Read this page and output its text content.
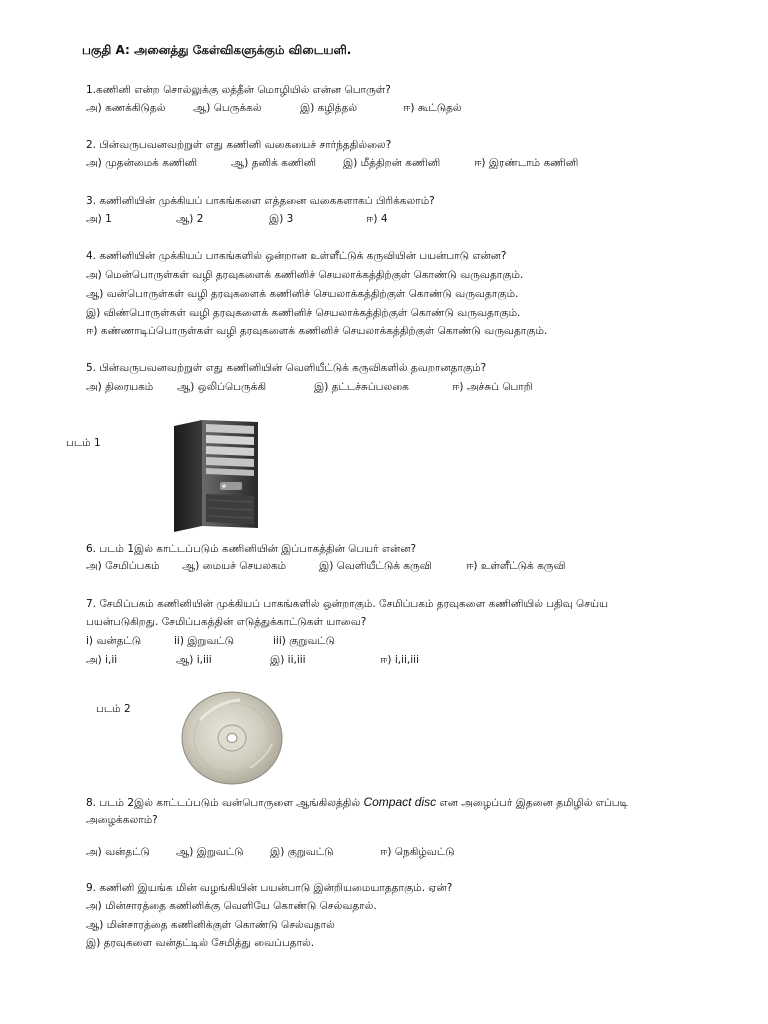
பகுதி A: அனைத்து கேள்விகளுக்கும் விடையளி.
1.கணினி என்ற சொல்லுக்கு லத்தீன் மொழியில் என்ன பொருள்?
அ) கணக்கிடுதல்	ஆ) பெருக்கல்	இ) கழித்தல்	ஈ) கூட்டுதல்
2. பின்வருபவனவற்றுள் எது கணினி வகையைச் சார்ந்ததில்லை?
அ) முதன்மைக் கணினி	ஆ) தனிக் கணினி	இ) மீத்திறன் கணினி	ஈ) இரண்டாம் கணினி
3. கணினியின் முக்கியப் பாகங்களை எத்தனை வகைகளாகப் பிரிக்கலாம்?
அ) 1	ஆ) 2	இ) 3	ஈ) 4
4. கணினியின் முக்கியப் பாகங்களில் ஒன்றான உள்ளீட்டுக் கருவியின் பயன்பாடு என்ன?
அ) மென்பொருள்கள் வழி தரவுகளைக் கணினிச் செயலாக்கத்திற்குள் கொண்டு வருவதாகும்.
ஆ) வன்பொருள்கள் வழி தரவுகளைக் கணினிச் செயலாக்கத்திற்குள் கொண்டு வருவதாகும்.
இ) விண்பொருள்கள் வழி தரவுகளைக் கணினிச் செயலாக்கத்திற்குள் கொண்டு வருவதாகும்.
ஈ) கண்ணாடிப்பொருள்கள் வழி தரவுகளைக் கணினிச் செயலாக்கத்திற்குள் கொண்டு வருவதாகும்.
5. பின்வருபவனவற்றுள் எது கணினியின் வெளியீட்டுக் கருவிகளில் தவறானதாகும்?
அ) திரையகம் ஆ) ஒலிப்பெருக்கி	இ) தட்டச்சுப்பலகை	ஈ) அச்சுப் பொறி
படம் 1
6. படம் 1இல் காட்டப்படும் கணினியின் இப்பாகத்தின் பெயர் என்ன?
அ) சேமிப்பகம் ஆ) மையச் செயலகம்	இ) வெளியீட்டுக் கருவி	ஈ) உள்ளீட்டுக் கருவி
7. சேமிப்பகம் கணினியின் முக்கியப் பாகங்களில் ஒன்றாகும். சேமிப்பகம் தரவுகளை கணினியில் பதிவு செய்ய
பயன்படுகிறது. சேமிப்பகத்தின் எடுத்துக்காட்டுகள் யாவை?
i) வன்தட்டு	ii) இறுவட்டு	iii) குறுவட்டு
அ) i,ii	ஆ) i,iii	இ) ii,iii	ஈ) i,ii,iii
படம் 2
8. படம் 2இல் காட்டப்படும் வன்பொருளை ஆங்கிலத்தில் Compact disc என அழைப்பர் இதனை தமிழில் எப்படி
அழைக்கலாம்?
அ) வன்தட்டு ஆ) இறுவட்டு	இ) குறுவட்டு	ஈ) நெகிழ்வட்டு
9. கணினி இயங்க மின் வழங்கியின் பயன்பாடு இன்றியமையாததாகும். ஏன்?
அ) மின்சாரத்தை கணினிக்கு வெளியே கொண்டு செல்வதால்.
ஆ) மின்சாரத்தை கணினிக்குள் கொண்டு செல்வதால்
இ) தரவுகளை வன்தட்டில் சேமித்து வைப்பதால்.
